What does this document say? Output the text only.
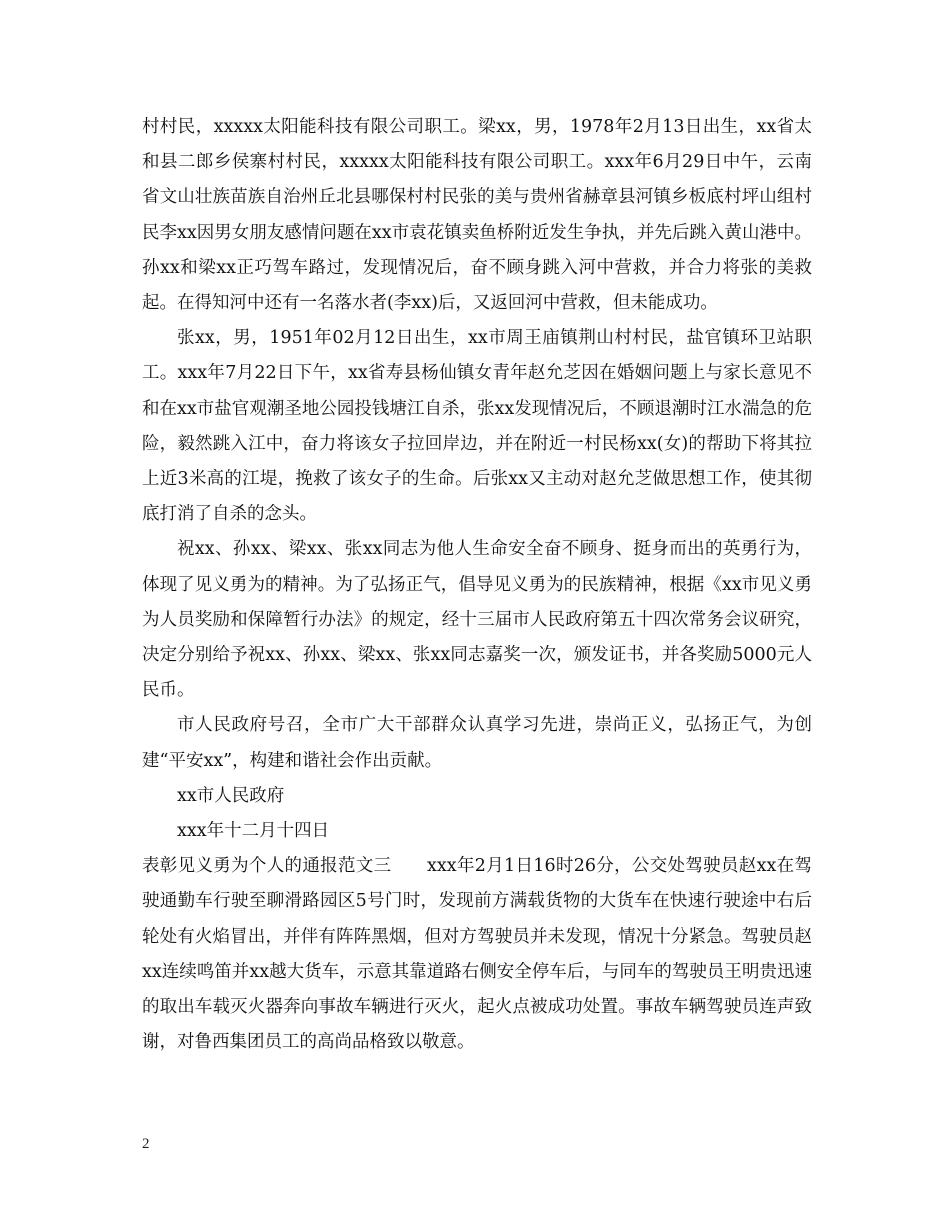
村村民，xxxxx太阳能科技有限公司职工。梁xx，男，1978年2月13日出生，xx省太和县二郎乡侯寨村村民，xxxxx太阳能科技有限公司职工。xxx年6月29日中午，云南省文山壮族苗族自治州丘北县哪保村村民张的美与贵州省赫章县河镇乡板底村坪山组村民李xx因男女朋友感情问题在xx市袁花镇卖鱼桥附近发生争执，并先后跳入黄山港中。孙xx和梁xx正巧驾车路过，发现情况后，奋不顾身跳入河中营救，并合力将张的美救起。在得知河中还有一名落水者(李xx)后，又返回河中营救，但未能成功。

张xx，男，1951年02月12日出生，xx市周王庙镇荆山村村民，盐官镇环卫站职工。xxx年7月22日下午，xx省寿县杨仙镇女青年赵允芝因在婚姻问题上与家长意见不和在xx市盐官观潮圣地公园投钱塘江自杀，张xx发现情况后，不顾退潮时江水湍急的危险，毅然跳入江中，奋力将该女子拉回岸边，并在附近一村民杨xx(女)的帮助下将其拉上近3米高的江堤，挽救了该女子的生命。后张xx又主动对赵允芝做思想工作，使其彻底打消了自杀的念头。

祝xx、孙xx、梁xx、张xx同志为他人生命安全奋不顾身、挺身而出的英勇行为，体现了见义勇为的精神。为了弘扬正气，倡导见义勇为的民族精神，根据《xx市见义勇为人员奖励和保障暂行办法》的规定，经十三届市人民政府第五十四次常务会议研究，决定分别给予祝xx、孙xx、梁xx、张xx同志嘉奖一次，颁发证书，并各奖励5000元人民币。

市人民政府号召，全市广大干部群众认真学习先进，崇尚正义，弘扬正气，为创建“平安xx”，构建和谐社会作出贡献。

xx市人民政府

xxx年十二月十四日

表彰见义勇为个人的通报范文三　　xxx年2月1日16时26分，公交处驾驶员赵xx在驾驶通勤车行驶至聊滑路园区5号门时，发现前方满载货物的大货车在快速行驶途中右后轮处有火焰冒出，并伴有阵阵黑烟，但对方驾驶员并未发现，情况十分紧急。驾驶员赵xx连续鸣笛并xx越大货车，示意其靠道路右侧安全停车后，与同车的驾驶员王明贵迅速的取出车载灭火器奔向事故车辆进行灭火，起火点被成功处置。事故车辆驾驶员连声致谢，对鲁西集团员工的高尚品格致以敬意。

2
